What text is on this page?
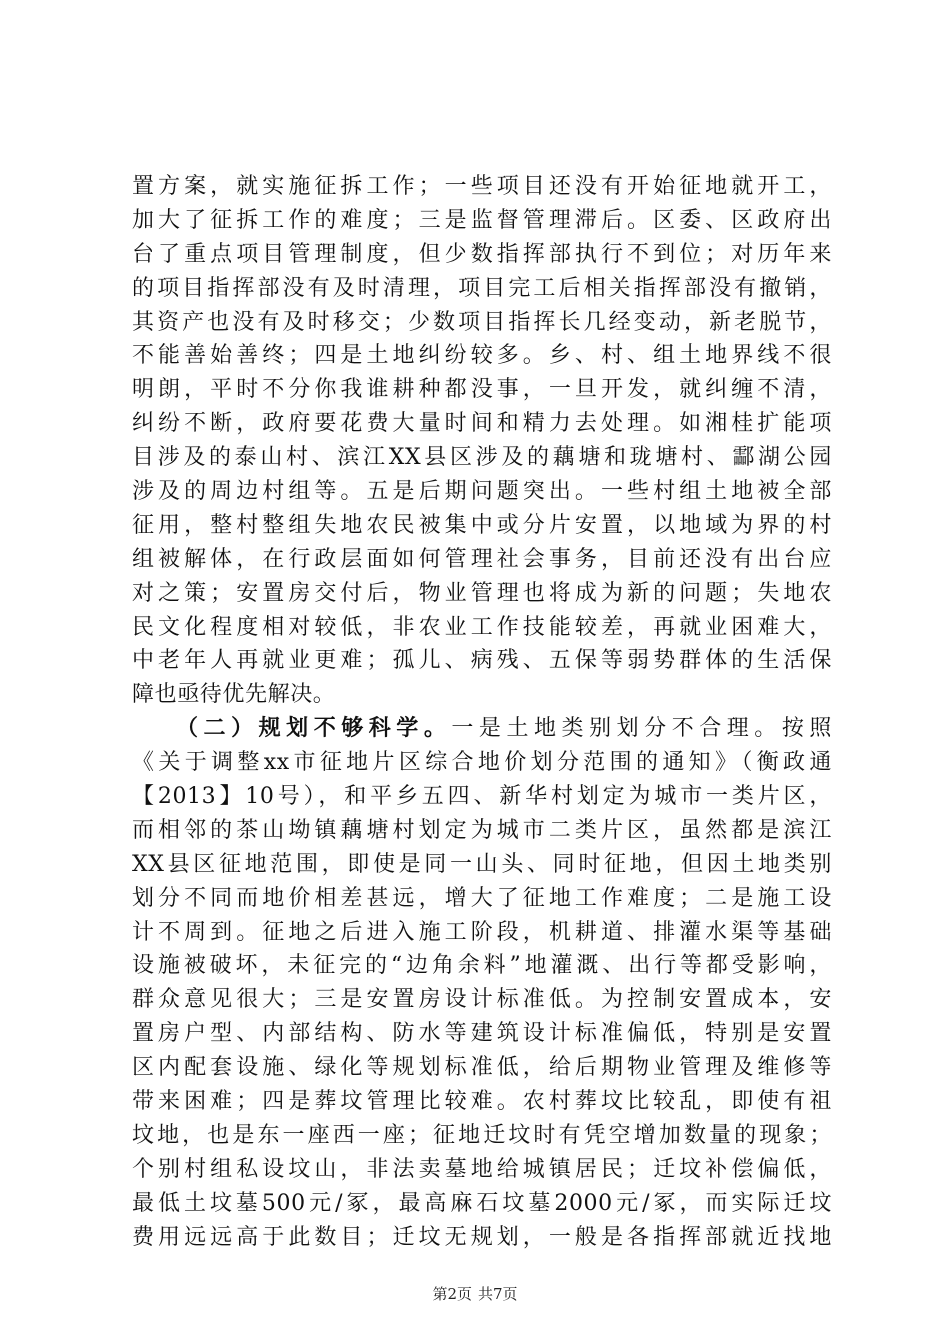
置方案，就实施征拆工作；一些项目还没有开始征地就开工，
加大了征拆工作的难度；三是监督管理滞后。区委、区政府出
台了重点项目管理制度，但少数指挥部执行不到位；对历年来
的项目指挥部没有及时清理，项目完工后相关指挥部没有撤销，
其资产也没有及时移交；少数项目指挥长几经变动，新老脱节，
不能善始善终；四是土地纠纷较多。乡、村、组土地界线不很
明朗，平时不分你我谁耕种都没事，一旦开发，就纠缠不清，
纠纷不断，政府要花费大量时间和精力去处理。如湘桂扩能项
目涉及的泰山村、滨江XX县区涉及的藕塘和珑塘村、酃湖公园
涉及的周边村组等。五是后期问题突出。一些村组土地被全部
征用，整村整组失地农民被集中或分片安置，以地域为界的村
组被解体，在行政层面如何管理社会事务，目前还没有出台应
对之策；安置房交付后，物业管理也将成为新的问题；失地农
民文化程度相对较低，非农业工作技能较差，再就业困难大，
中老年人再就业更难；孤儿、病残、五保等弱势群体的生活保
障也亟待优先解决。
（二）规划不够科学。一是土地类别划分不合理。按照
《关于调整xx市征地片区综合地价划分范围的通知》（衡政通
【2013】10号），和平乡五四、新华村划定为城市一类片区，
而相邻的茶山坳镇藕塘村划定为城市二类片区，虽然都是滨江
XX县区征地范围，即使是同一山头、同时征地，但因土地类别
划分不同而地价相差甚远，增大了征地工作难度；二是施工设
计不周到。征地之后进入施工阶段，机耕道、排灌水渠等基础
设施被破坏，未征完的“边角余料”地灌溉、出行等都受影响，
群众意见很大；三是安置房设计标准低。为控制安置成本，安
置房户型、内部结构、防水等建筑设计标准偏低，特别是安置
区内配套设施、绿化等规划标准低，给后期物业管理及维修等
带来困难；四是葬坟管理比较难。农村葬坟比较乱，即使有祖
坟地，也是东一座西一座；征地迁坟时有凭空增加数量的现象；
个别村组私设坟山，非法卖墓地给城镇居民；迁坟补偿偏低，
最低土坟墓500元/冢，最高麻石坟墓2000元/冢，而实际迁坟
费用远远高于此数目；迁坟无规划，一般是各指挥部就近找地
第2页 共7页
